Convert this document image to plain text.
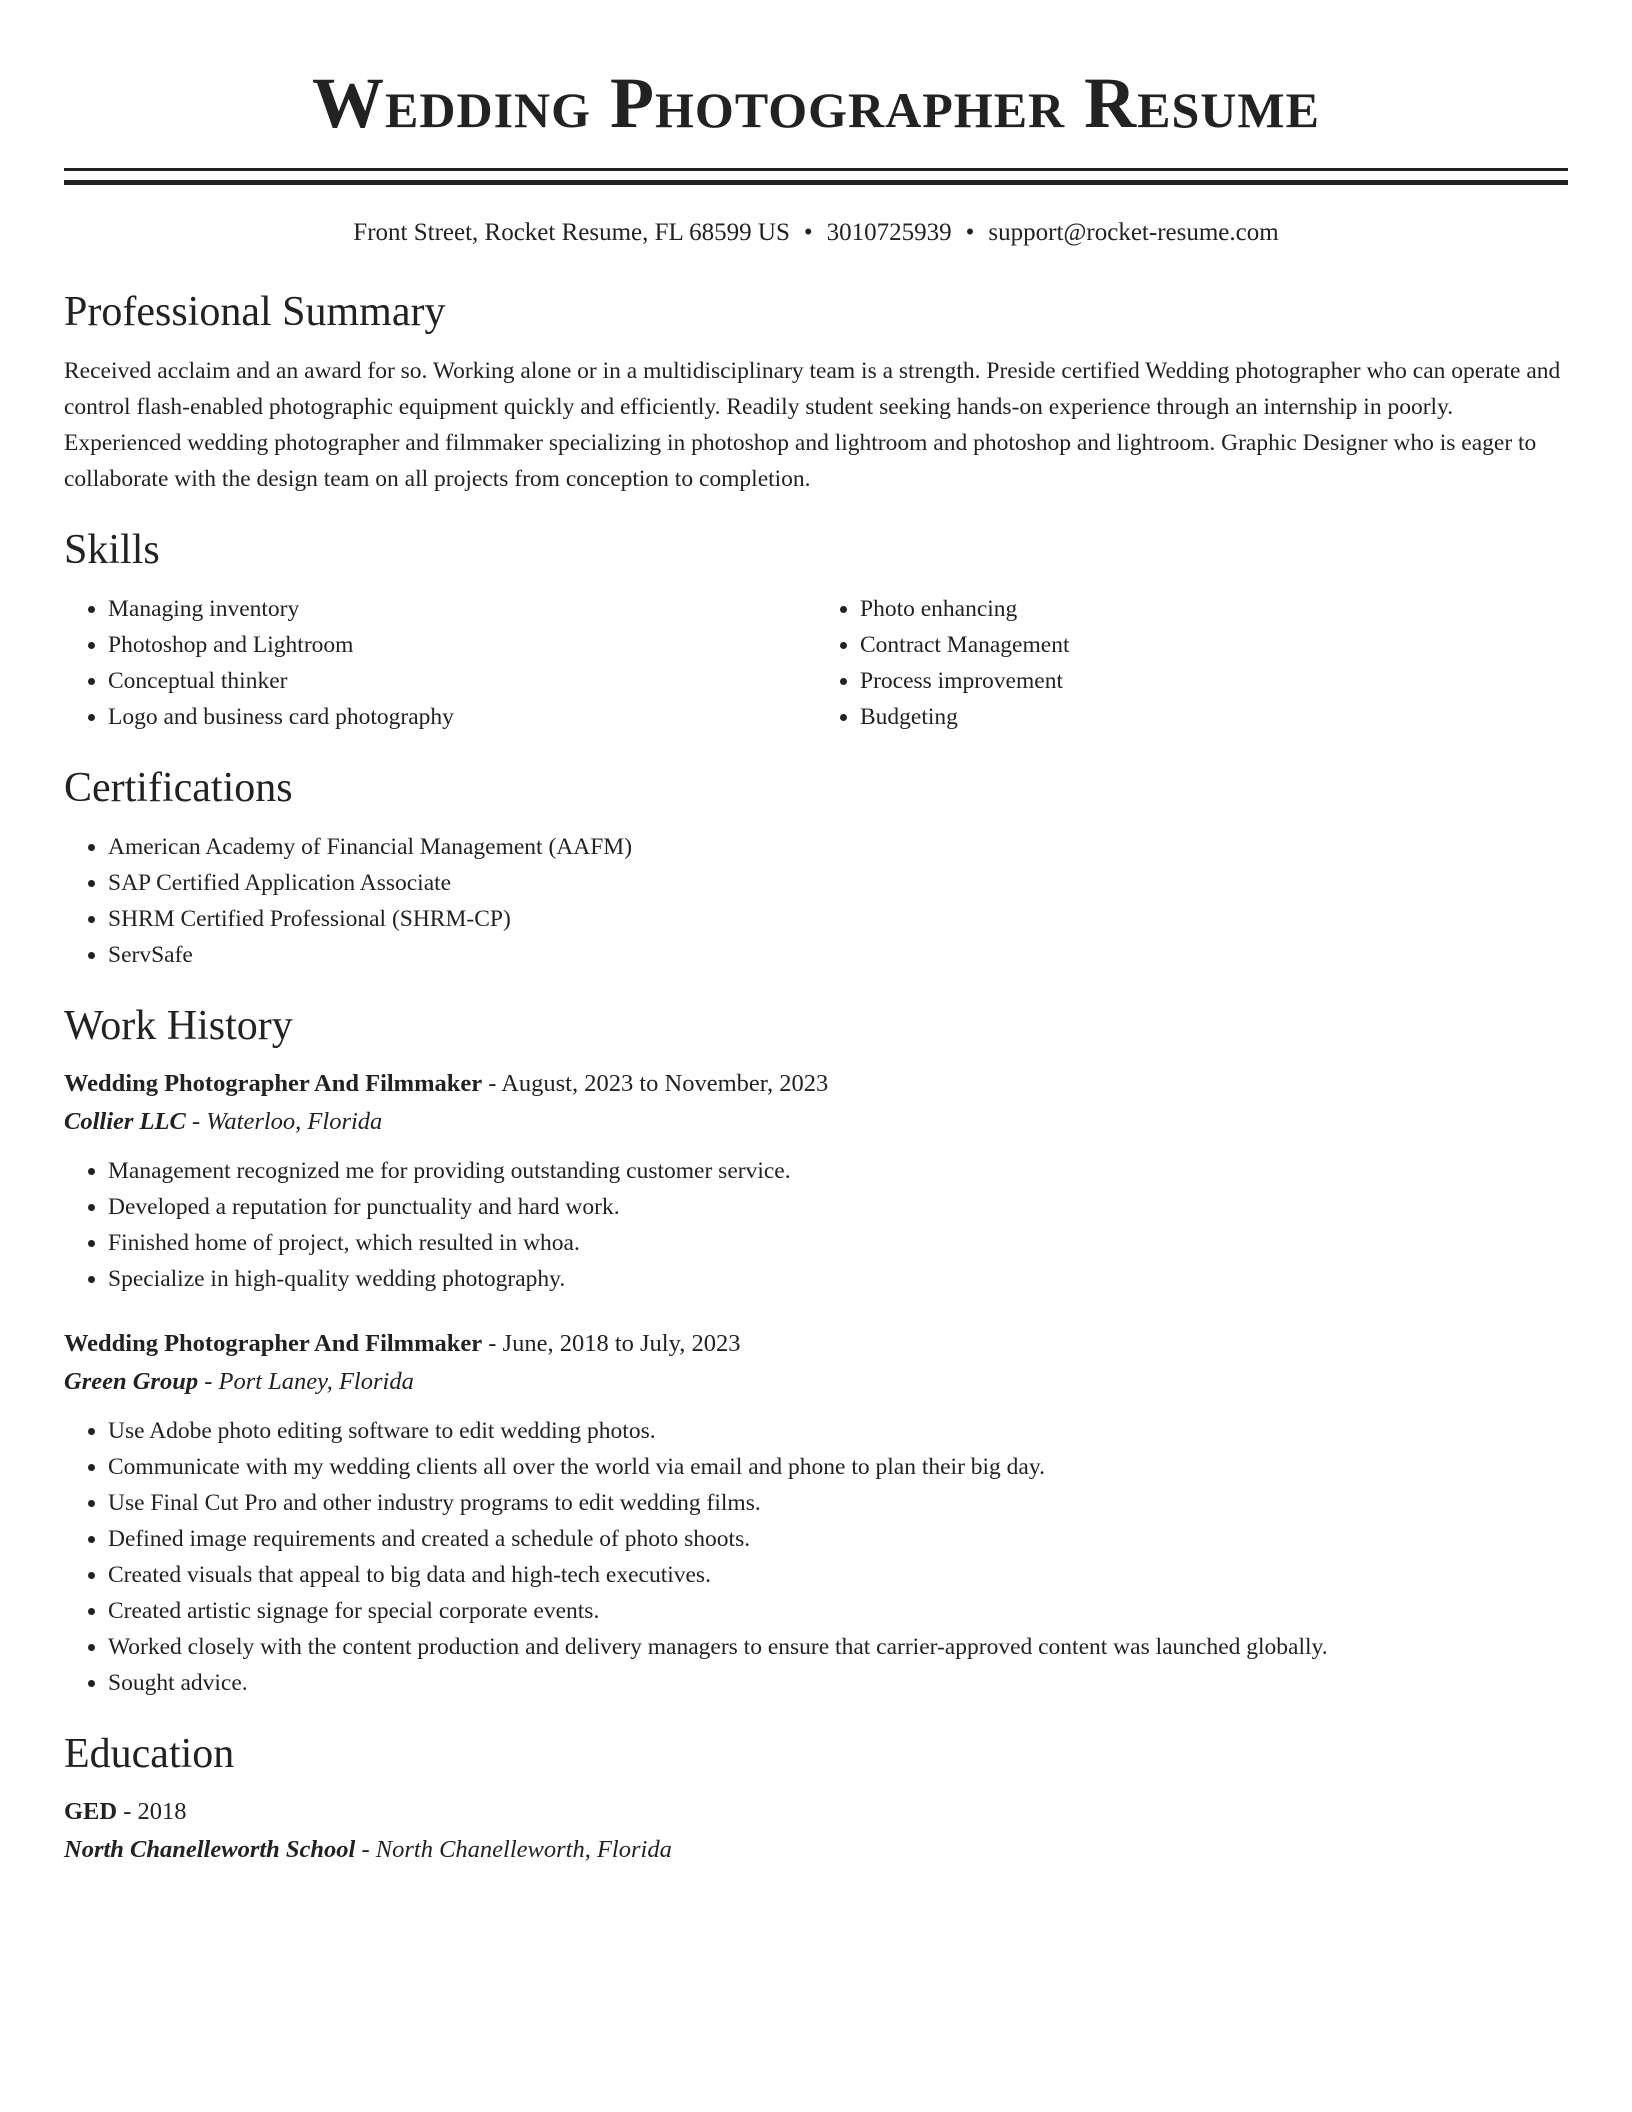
Wedding Photographer Resume
Front Street, Rocket Resume, FL 68599 US • 3010725939 • support@rocket-resume.com
Professional Summary
Received acclaim and an award for so. Working alone or in a multidisciplinary team is a strength. Preside certified Wedding photographer who can operate and control flash-enabled photographic equipment quickly and efficiently. Readily student seeking hands-on experience through an internship in poorly. Experienced wedding photographer and filmmaker specializing in photoshop and lightroom and photoshop and lightroom. Graphic Designer who is eager to collaborate with the design team on all projects from conception to completion.
Skills
• Managing inventory
• Photoshop and Lightroom
• Conceptual thinker
• Logo and business card photography
• Photo enhancing
• Contract Management
• Process improvement
• Budgeting
Certifications
• American Academy of Financial Management (AAFM)
• SAP Certified Application Associate
• SHRM Certified Professional (SHRM-CP)
• ServSafe
Work History
Wedding Photographer And Filmmaker - August, 2023 to November, 2023
Collier LLC - Waterloo, Florida
• Management recognized me for providing outstanding customer service.
• Developed a reputation for punctuality and hard work.
• Finished home of project, which resulted in whoa.
• Specialize in high-quality wedding photography.
Wedding Photographer And Filmmaker - June, 2018 to July, 2023
Green Group - Port Laney, Florida
• Use Adobe photo editing software to edit wedding photos.
• Communicate with my wedding clients all over the world via email and phone to plan their big day.
• Use Final Cut Pro and other industry programs to edit wedding films.
• Defined image requirements and created a schedule of photo shoots.
• Created visuals that appeal to big data and high-tech executives.
• Created artistic signage for special corporate events.
• Worked closely with the content production and delivery managers to ensure that carrier-approved content was launched globally.
• Sought advice.
Education
GED - 2018
North Chanelleworth School - North Chanelleworth, Florida
